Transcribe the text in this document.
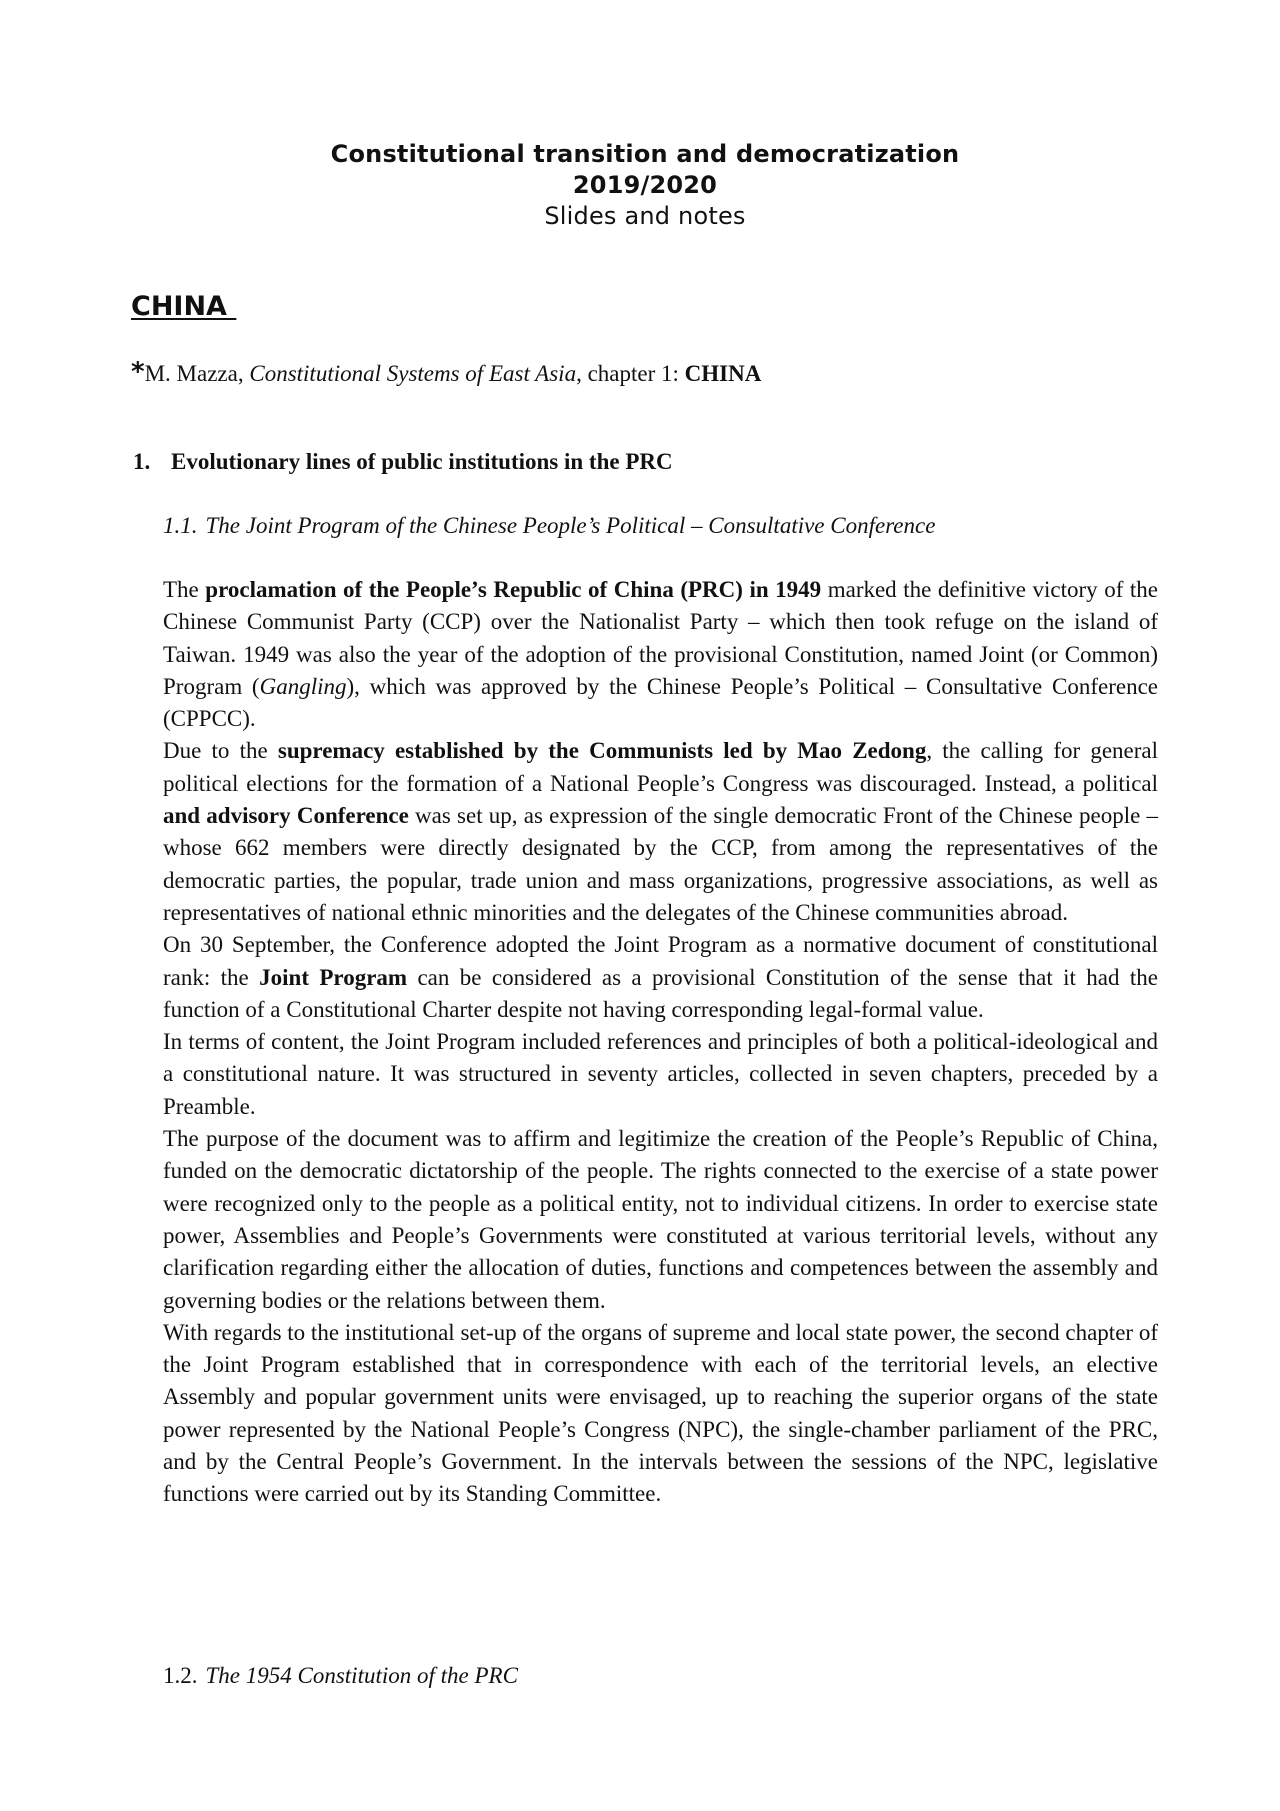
Constitutional transition and democratization
2019/2020
Slides and notes
CHINA
*M. Mazza, Constitutional Systems of East Asia, chapter 1: CHINA
1. Evolutionary lines of public institutions in the PRC
1.1. The Joint Program of the Chinese People’s Political – Consultative Conference

The proclamation of the People’s Republic of China (PRC) in 1949 marked the definitive victory of the Chinese Communist Party (CCP) over the Nationalist Party – which then took refuge on the island of Taiwan. 1949 was also the year of the adoption of the provisional Constitution, named Joint (or Common) Program (Gangling), which was approved by the Chinese People’s Political – Consultative Conference (CPPCC).

Due to the supremacy established by the Communists led by Mao Zedong, the calling for general political elections for the formation of a National People’s Congress was discouraged. Instead, a political and advisory Conference was set up, as expression of the single democratic Front of the Chinese people – whose 662 members were directly designated by the CCP, from among the representatives of the democratic parties, the popular, trade union and mass organizations, progressive associations, as well as representatives of national ethnic minorities and the delegates of the Chinese communities abroad.

On 30 September, the Conference adopted the Joint Program as a normative document of constitutional rank: the Joint Program can be considered as a provisional Constitution of the sense that it had the function of a Constitutional Charter despite not having corresponding legal-formal value.

In terms of content, the Joint Program included references and principles of both a political-ideological and a constitutional nature. It was structured in seventy articles, collected in seven chapters, preceded by a Preamble.

The purpose of the document was to affirm and legitimize the creation of the People’s Republic of China, funded on the democratic dictatorship of the people. The rights connected to the exercise of a state power were recognized only to the people as a political entity, not to individual citizens. In order to exercise state power, Assemblies and People’s Governments were constituted at various territorial levels, without any clarification regarding either the allocation of duties, functions and competences between the assembly and governing bodies or the relations between them.

With regards to the institutional set-up of the organs of supreme and local state power, the second chapter of the Joint Program established that in correspondence with each of the territorial levels, an elective Assembly and popular government units were envisaged, up to reaching the superior organs of the state power represented by the National People’s Congress (NPC), the single-chamber parliament of the PRC, and by the Central People’s Government. In the intervals between the sessions of the NPC, legislative functions were carried out by its Standing Committee.

1.2. The 1954 Constitution of the PRC
